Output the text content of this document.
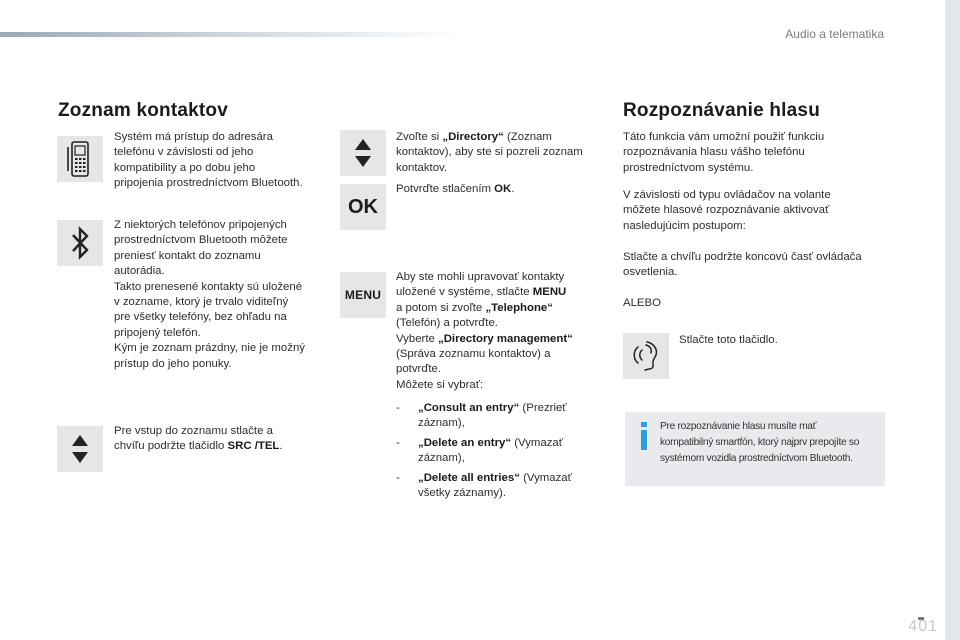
Audio a telematika
Zoznam kontaktov

Systém má prístup do adresára
telefónu v závislosti od jeho
kompatibility a po dobu jeho
pripojenia prostredníctvom Bluetooth.

Z niektorých telefónov pripojených
prostredníctvom Bluetooth môžete
preniesť kontakt do zoznamu
autorádia.
Takto prenesené kontakty sú uložené
v zozname, ktorý je trvalo viditeľný
pre všetky telefóny, bez ohľadu na
pripojený telefón.
Kým je zoznam prázdny, nie je možný
prístup do jeho ponuky.

Pre vstup do zoznamu stlačte a
chvíľu podržte tlačidlo SRC /TEL.

Zvoľte si „Directory“ (Zoznam
kontaktov), aby ste si pozreli zoznam
kontaktov.

OK

Potvrďte stlačením OK.

MENU

Aby ste mohli upravovať kontakty
uložené v systéme, stlačte MENU
a potom si zvoľte „Telephone“
(Telefón) a potvrďte.
Vyberte „Directory management“
(Správa zoznamu kontaktov) a
potvrďte.
Môžete si vybrať:

- „Consult an entry“ (Prezrieť
záznam),
- „Delete an entry“ (Vymazať
záznam),
- „Delete all entries“ (Vymazať
všetky záznamy).
Rozpoznávanie hlasu

Táto funkcia vám umožní použiť funkciu
rozpoznávania hlasu vášho telefónu
prostredníctvom systému.

V závislosti od typu ovládačov na volante
môžete hlasové rozpoznávanie aktivovať
nasledujúcim postupom:

Stlačte a chvíľu podržte koncovú časť ovládača
osvetlenia.

ALEBO

Stlačte toto tlačidlo.

Pre rozpoznávanie hlasu musíte mať
kompatibilný smartfón, ktorý najprv prepojíte so
systémom vozidla prostredníctvom Bluetooth.
401
